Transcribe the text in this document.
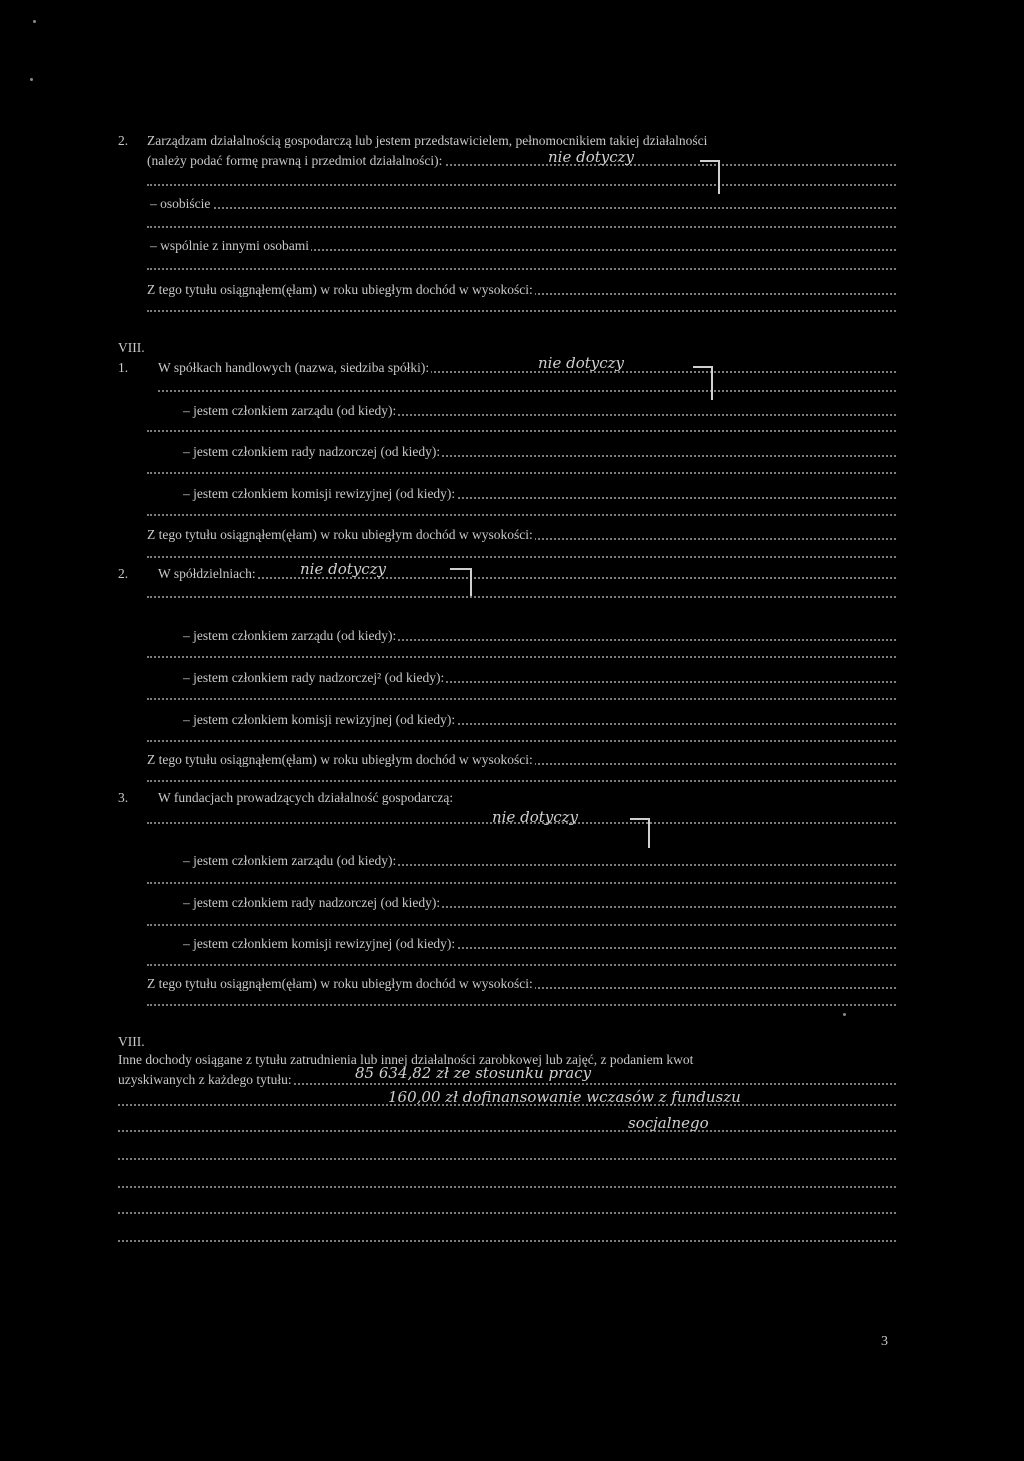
2. Zarządzam działalnością gospodarczą lub jestem przedstawicielem, pełnomocnikiem takiej działalności
(należy podać formę prawną i przedmiot działalności):	nie dotyczy
– osobiście
– wspólnie z innymi osobami
Z tego tytułu osiągnąłem(ęłam) w roku ubiegłym dochód w wysokości:
VIII.
1. W spółkach handlowych (nazwa, siedziba spółki):	nie dotyczy
– jestem członkiem zarządu (od kiedy):
– jestem członkiem rady nadzorczej (od kiedy):
– jestem członkiem komisji rewizyjnej (od kiedy):
Z tego tytułu osiągnąłem(ęłam) w roku ubiegłym dochód w wysokości:
2. W spółdzielniach:	nie dotyczy
– jestem członkiem zarządu (od kiedy):
– jestem członkiem rady nadzorczej² (od kiedy):
– jestem członkiem komisji rewizyjnej (od kiedy):
Z tego tytułu osiągnąłem(ęłam) w roku ubiegłym dochód w wysokości:
3. W fundacjach prowadzących działalność gospodarczą:
nie dotyczy
– jestem członkiem zarządu (od kiedy):
– jestem członkiem rady nadzorczej (od kiedy):
– jestem członkiem komisji rewizyjnej (od kiedy):
Z tego tytułu osiągnąłem(ęłam) w roku ubiegłym dochód w wysokości:
VIII.
Inne dochody osiągane z tytułu zatrudnienia lub innej działalności zarobkowej lub zajęć, z podaniem kwot
uzyskiwanych z każdego tytułu:	85 634,82 zł ze stosunku pracy
160,00 zł dofinansowanie wczasów z funduszu
socjalnego
3
